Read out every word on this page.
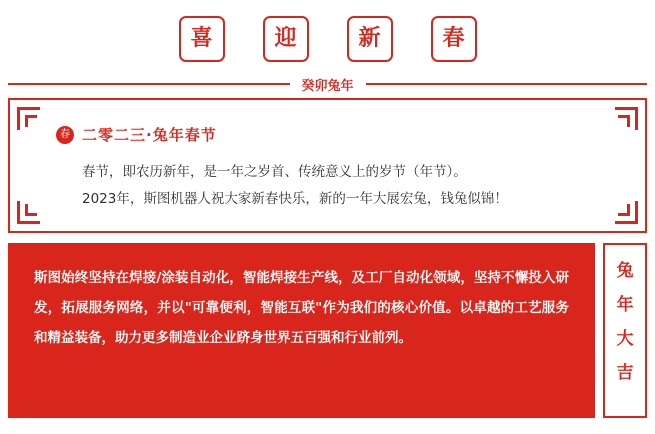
喜	迎	新	春
癸卯兔年
春 二零二三·兔年春节
春节，即农历新年，是一年之岁首、传统意义上的岁节（年节）。
2023年，斯图机器人祝大家新春快乐，新的一年大展宏兔，钱兔似锦！
斯图始终坚持在焊接/涂装自动化，智能焊接生产线，及工厂自动化领域，坚持不懈投入研发，拓展服务网络，并以"可靠便利，智能互联"作为我们的核心价值。以卓越的工艺服务和精益装备，助力更多制造业企业跻身世界五百强和行业前列。
兔
年
大
吉
